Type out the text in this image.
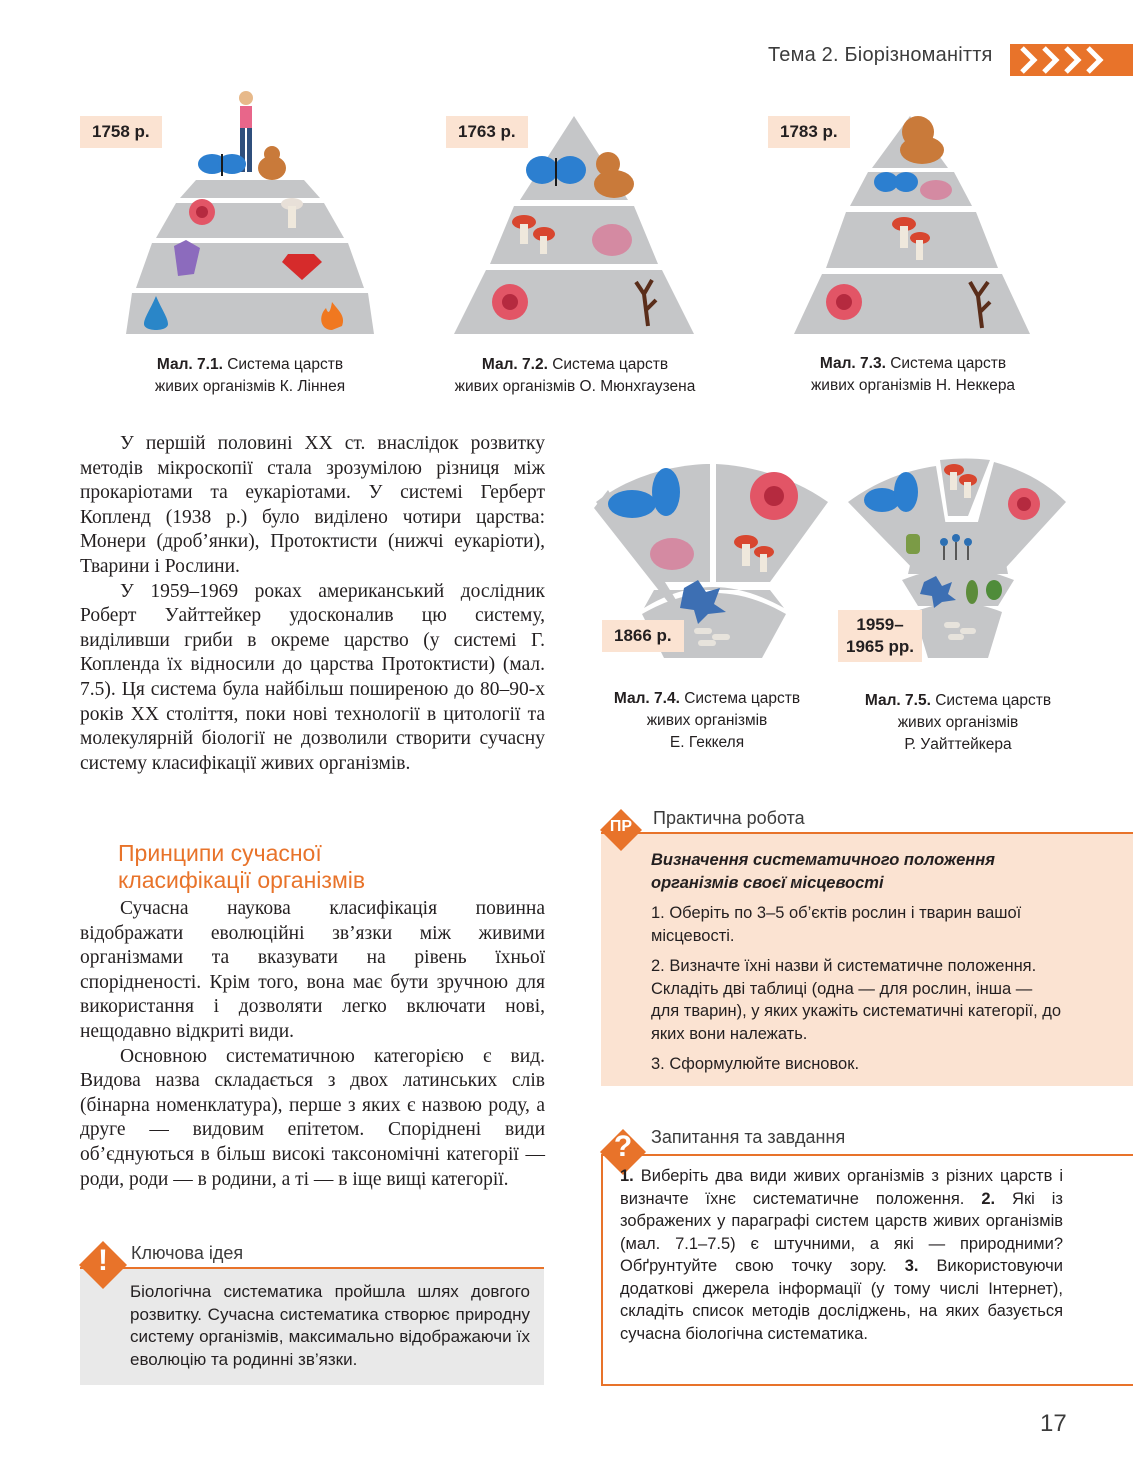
Тема 2. Біорізноманіття
1758 р.
Мал. 7.1. Система царств
живих організмів К. Ліннея
1763 р.
Мал. 7.2. Система царств
живих організмів О. Мюнхгаузена
1783 р.
Мал. 7.3. Система царств
живих організмів Н. Неккера

У першій половині XX ст. внаслідок розвитку методів мікроскопії стала зрозумілою різниця між прокаріотами та еукаріотами. У системі Герберт Копленд (1938 р.) було виділено чотири царства: Монери (дроб’янки), Протоктисти (нижчі еукаріоти), Тварини і Рослини.

У 1959–1969 роках американський дослідник Роберт Уайттейкер удосконалив цю систему, виділивши гриби в окреме царство (у системі Г. Копленда їх відносили до царства Протоктисти) (мал. 7.5). Ця система була найбільш поширеною до 80–90-х років XX століття, поки нові технології в цитології та молекулярній біології не дозволили створити сучасну систему класифікації живих організмів.

Принципи сучасної
класифікації організмів

Сучасна наукова класифікація повинна відображати еволюційні зв’язки між живими організмами та вказувати на рівень їхньої спорідненості. Крім того, вона має бути зручною для використання і дозволяти легко включати нові, нещодавно відкриті види.

Основною систематичною категорією є вид. Видова назва складається з двох латинських слів (бінарна номенклатура), перше з яких є назвою роду, а друге — видовим епітетом. Споріднені види об’єднуються в більш високі таксономічні категорії — роди, роди — в родини, а ті — в іще вищі категорії.

1866 р.
Мал. 7.4. Система царств
живих організмів
Е. Геккеля
1959–
1965 рр.
Мал. 7.5. Система царств
живих організмів
Р. Уайттейкера
ПР	Практична робота

Визначення систематичного положення організмів своєї місцевості

1. Оберіть по 3–5 об’єктів рослин і тварин вашої місцевості.

2. Визначте їхні назви й систематичне положення. Складіть дві таблиці (одна — для рослин, інша — для тварин), у яких укажіть систематичні категорії, до яких вони належать.

3. Сформулюйте висновок.

?	Запитання та завдання
1. Виберіть два види живих організмів з різних царств і визначте їхнє систематичне положення. 2. Які із зображених у параграфі систем царств живих організмів (мал. 7.1–7.5) є штучними, а які — природними? Обґрунтуйте свою точку зору. 3. Використовуючи додаткові джерела інформації (у тому числі Інтернет), складіть список методів досліджень, на яких базується сучасна біологічна систематика.
!	Ключова ідея
Біологічна систематика пройшла шлях довгого розвитку. Сучасна систематика створює природну систему організмів, максимально відображаючи їх еволюцію та родинні зв’язки.
17
